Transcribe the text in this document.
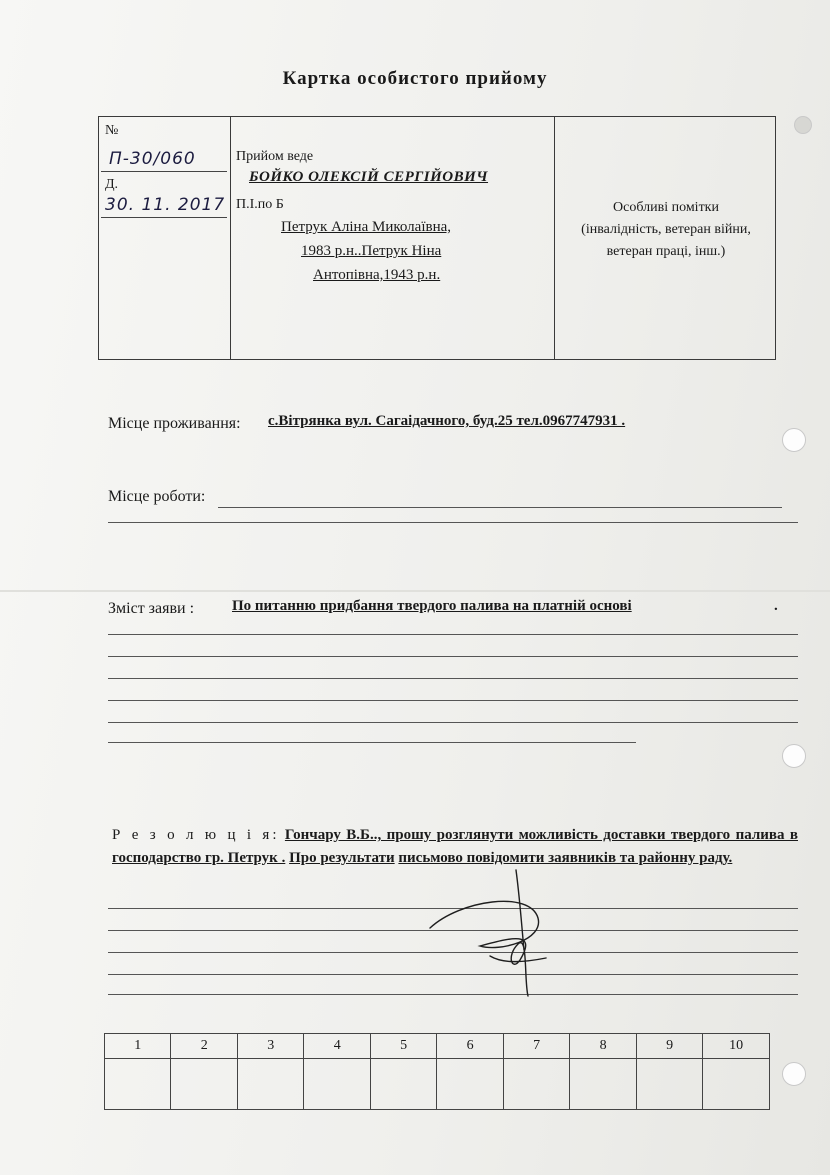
Картка особистого прийому
№
П-30/060
Д.
30. 11. 2017
Прийом веде
БОЙКО ОЛЕКСІЙ СЕРГІЙОВИЧ
П.І.по Б
Петрук Аліна Миколаївна,
1983 р.н..Петрук Ніна
Антопівна,1943 р.н.
Особливі помітки
(інвалідність, ветеран війни,
ветеран праці, інш.)
Місце проживання: с.Вітрянка вул. Сагаідачного, буд.25 тел.0967747931 .
Місце роботи:
Зміст заяви :	По питанню придбання твердого палива на платній основі	.
Р е з о л ю ц і я: Гончару В.Б.., прошу розглянути можливість доставки твердого палива в господарство гр. Петрук . Про результати письмово повідомити заявників та районну раду.
1	2	3	4	5	6	7	8	9	10
